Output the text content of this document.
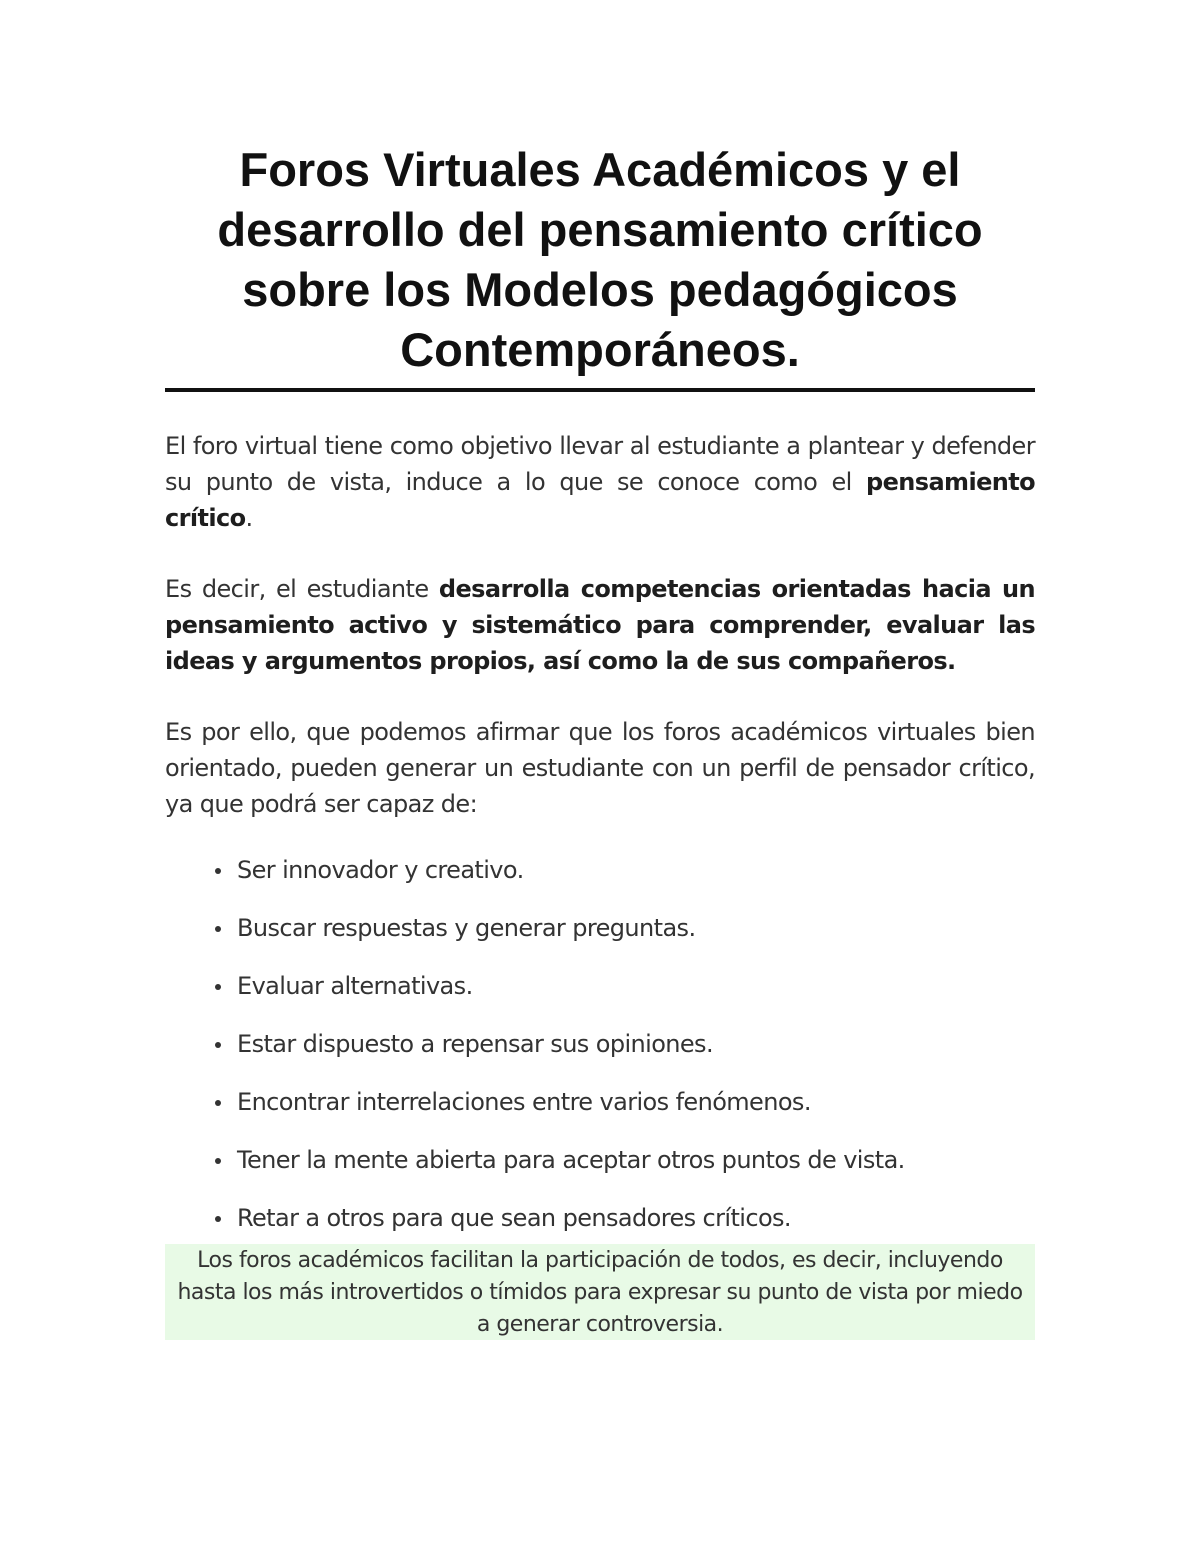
Foros Virtuales Académicos y el desarrollo del pensamiento crítico sobre los Modelos pedagógicos Contemporáneos.

El foro virtual tiene como objetivo llevar al estudiante a plantear y defender su punto de vista, induce a lo que se conoce como el pensamiento crítico.

Es decir, el estudiante desarrolla competencias orientadas hacia un pensamiento activo y sistemático para comprender, evaluar las ideas y argumentos propios, así como la de sus compañeros.

Es por ello, que podemos afirmar que los foros académicos virtuales bien orientado, pueden generar un estudiante con un perfil de pensador crítico, ya que podrá ser capaz de:

Ser innovador y creativo.
Buscar respuestas y generar preguntas.
Evaluar alternativas.
Estar dispuesto a repensar sus opiniones.
Encontrar interrelaciones entre varios fenómenos.
Tener la mente abierta para aceptar otros puntos de vista.
Retar a otros para que sean pensadores críticos.
Los foros académicos facilitan la participación de todos, es decir, incluyendo hasta los más introvertidos o tímidos para expresar su punto de vista por miedo a generar controversia.
